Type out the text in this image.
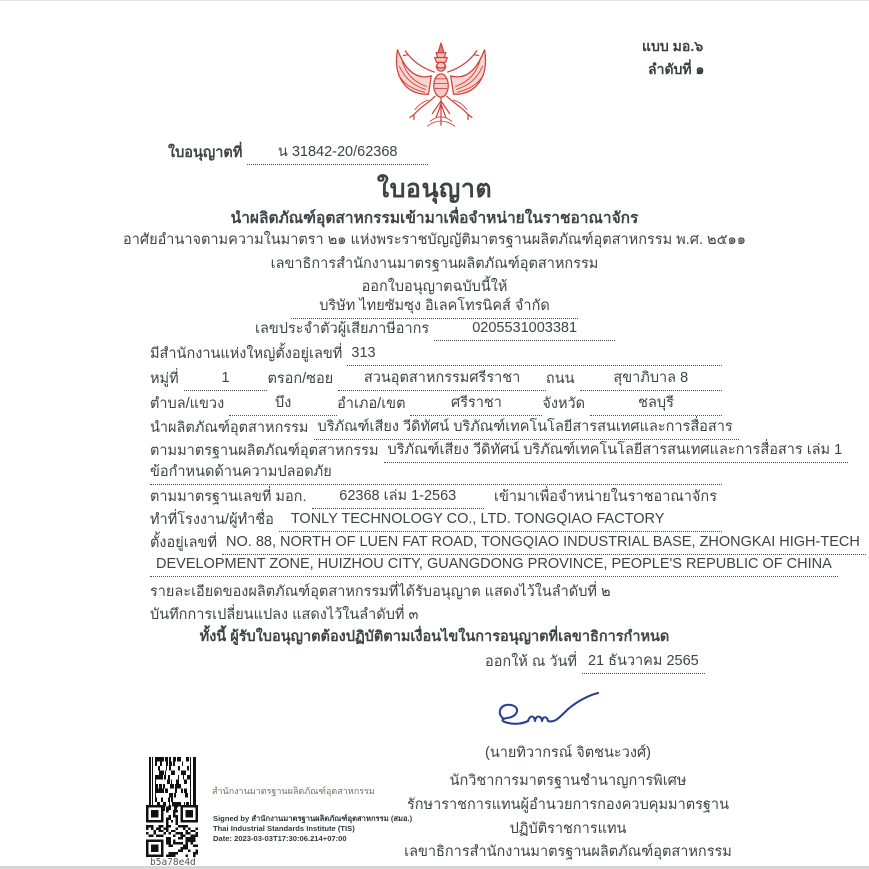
แบบ มอ.๖
ลำดับที่ ๑
ใบอนุญาตที่	น 31842-20/62368
ใบอนุญาต
นำผลิตภัณฑ์อุตสาหกรรมเข้ามาเพื่อจำหน่ายในราชอาณาจักร
อาศัยอำนาจตามความในมาตรา ๒๑ แห่งพระราชบัญญัติมาตรฐานผลิตภัณฑ์อุตสาหกรรม พ.ศ. ๒๕๑๑
เลขาธิการสำนักงานมาตรฐานผลิตภัณฑ์อุตสาหกรรม
ออกใบอนุญาตฉบับนี้ให้
บริษัท ไทยซัมซุง อิเลคโทรนิคส์ จำกัด
เลขประจำตัวผู้เสียภาษีอากร	0205531003381
มีสำนักงานแห่งใหญ่ตั้งอยู่เลขที่ 313
หมู่ที่	1	ตรอก/ซอย	สวนอุตสาหกรรมศรีราชา	ถนน	สุขาภิบาล 8
ตำบล/แขวง	บึง	อำเภอ/เขต	ศรีราชา	จังหวัด	ชลบุรี
นำผลิตภัณฑ์อุตสาหกรรม บริภัณฑ์เสียง วีดิทัศน์ บริภัณฑ์เทคโนโลยีสารสนเทศและการสื่อสาร
ตามมาตรฐานผลิตภัณฑ์อุตสาหกรรม บริภัณฑ์เสียง วีดิทัศน์ บริภัณฑ์เทคโนโลยีสารสนเทศและการสื่อสาร เล่ม 1
ข้อกำหนดด้านความปลอดภัย
ตามมาตรฐานเลขที่ มอก.	62368 เล่ม 1-2563	เข้ามาเพื่อจำหน่ายในราชอาณาจักร
ทำที่โรงงาน/ผู้ทำชื่อ	TONLY TECHNOLOGY CO., LTD. TONGQIAO FACTORY
ตั้งอยู่เลขที่ NO. 88, NORTH OF LUEN FAT ROAD, TONGQIAO INDUSTRIAL BASE, ZHONGKAI HIGH-TECH
DEVELOPMENT ZONE, HUIZHOU CITY, GUANGDONG PROVINCE, PEOPLE'S REPUBLIC OF CHINA
รายละเอียดของผลิตภัณฑ์อุตสาหกรรมที่ได้รับอนุญาต แสดงไว้ในลำดับที่ ๒
บันทึกการเปลี่ยนแปลง แสดงไว้ในลำดับที่ ๓
ทั้งนี้ ผู้รับใบอนุญาตต้องปฏิบัติตามเงื่อนไขในการอนุญาตที่เลขาธิการกำหนด
ออกให้ ณ วันที่ 21 ธันวาคม 2565
(นายทิวากรณ์ จิตชนะวงศ์)
นักวิชาการมาตรฐานชำนาญการพิเศษ
รักษาราชการแทนผู้อำนวยการกองควบคุมมาตรฐาน
ปฏิบัติราชการแทน
เลขาธิการสำนักงานมาตรฐานผลิตภัณฑ์อุตสาหกรรม
สำนักงานมาตรฐานผลิตภัณฑ์อุตสาหกรรม
Signed by สำนักงานมาตรฐานผลิตภัณฑ์อุตสาหกรรม (สมอ.)
Thai Industrial Standards Institute (TIS)
Date: 2023-03-03T17:30:06.214+07:00
b5a78e4d
